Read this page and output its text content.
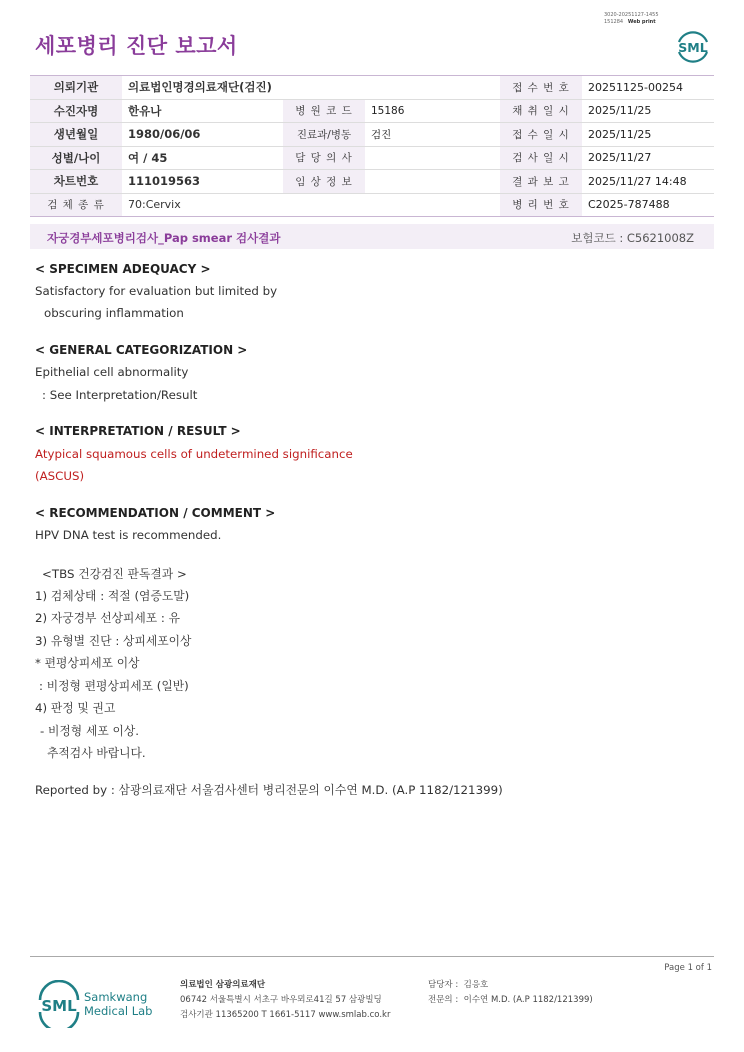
세포병리 진단 보고서
3020-20251127-1455
151284 Web print
SML
의뢰기관	의료법인명경의료재단(검진)			접 수 번 호	20251125-00254
수진자명	한유나	병 원 코 드	15186	채 취 일 시	2025/11/25
생년월일	1980/06/06	진료과/병동	검진	접 수 일 시	2025/11/25
성별/나이	여 / 45	담 당 의 사		검 사 일 시	2025/11/27
차트번호	111019563	임 상 정 보		결 과 보 고	2025/11/27 14:48
검 체 종 류	70:Cervix			병 리 번 호	C2025-787488
자궁경부세포병리검사_Pap smear 검사결과	보험코드 : C5621008Z
< SPECIMEN ADEQUACY >
Satisfactory for evaluation but limited by
obscuring inflammation
< GENERAL CATEGORIZATION >
Epithelial cell abnormality
: See Interpretation/Result
< INTERPRETATION / RESULT >
Atypical squamous cells of undetermined significance
(ASCUS)
< RECOMMENDATION / COMMENT >
HPV DNA test is recommended.
<TBS 건강검진 판독결과 >
1) 검체상태 : 적절 (염증도말)
2) 자궁경부 선상피세포 : 유
3) 유형별 진단 : 상피세포이상
* 편평상피세포 이상
: 비정형 편평상피세포 (일반)
4) 판정 및 권고
- 비정형 세포 이상.
추적검사 바랍니다.
Reported by : 삼광의료재단 서울검사센터 병리전문의 이수연 M.D. (A.P 1182/121399)
Page 1 of 1
SML Samkwang
Medical Lab
의료법인 삼광의료재단
06742 서울특별시 서초구 바우뫼로41길 57 삼광빌딩
검사기관 11365200 T 1661-5117 www.smlab.co.kr
담당자 : 김응호
전문의 : 이수연 M.D. (A.P 1182/121399)
